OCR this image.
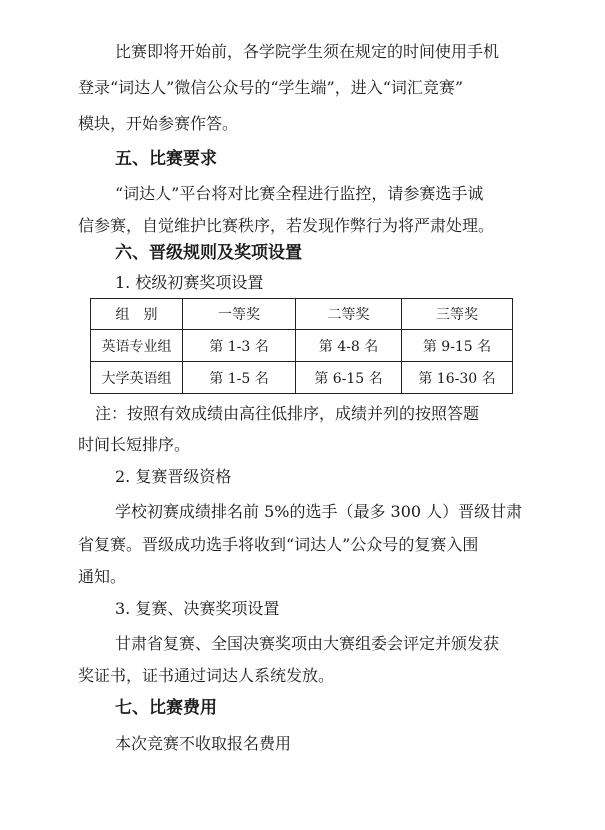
比赛即将开始前，各学院学生须在规定的时间使用手机
登录“词达人”微信公众号的“学生端”，进入“词汇竞赛”
模块，开始参赛作答。
五、比赛要求
“词达人”平台将对比赛全程进行监控，请参赛选手诚
信参赛，自觉维护比赛秩序，若发现作弊行为将严肃处理。
六、晋级规则及奖项设置
1. 校级初赛奖项设置
组　别	一等奖	二等奖	三等奖
英语专业组	第 1-3 名	第 4-8 名	第 9-15 名
大学英语组	第 1-5 名	第 6-15 名	第 16-30 名
注：按照有效成绩由高往低排序，成绩并列的按照答题
时间长短排序。
2. 复赛晋级资格
学校初赛成绩排名前 5%的选手（最多 300 人）晋级甘肃
省复赛。晋级成功选手将收到“词达人”公众号的复赛入围
通知。
3. 复赛、决赛奖项设置
甘肃省复赛、全国决赛奖项由大赛组委会评定并颁发获
奖证书，证书通过词达人系统发放。
七、比赛费用
本次竞赛不收取报名费用
